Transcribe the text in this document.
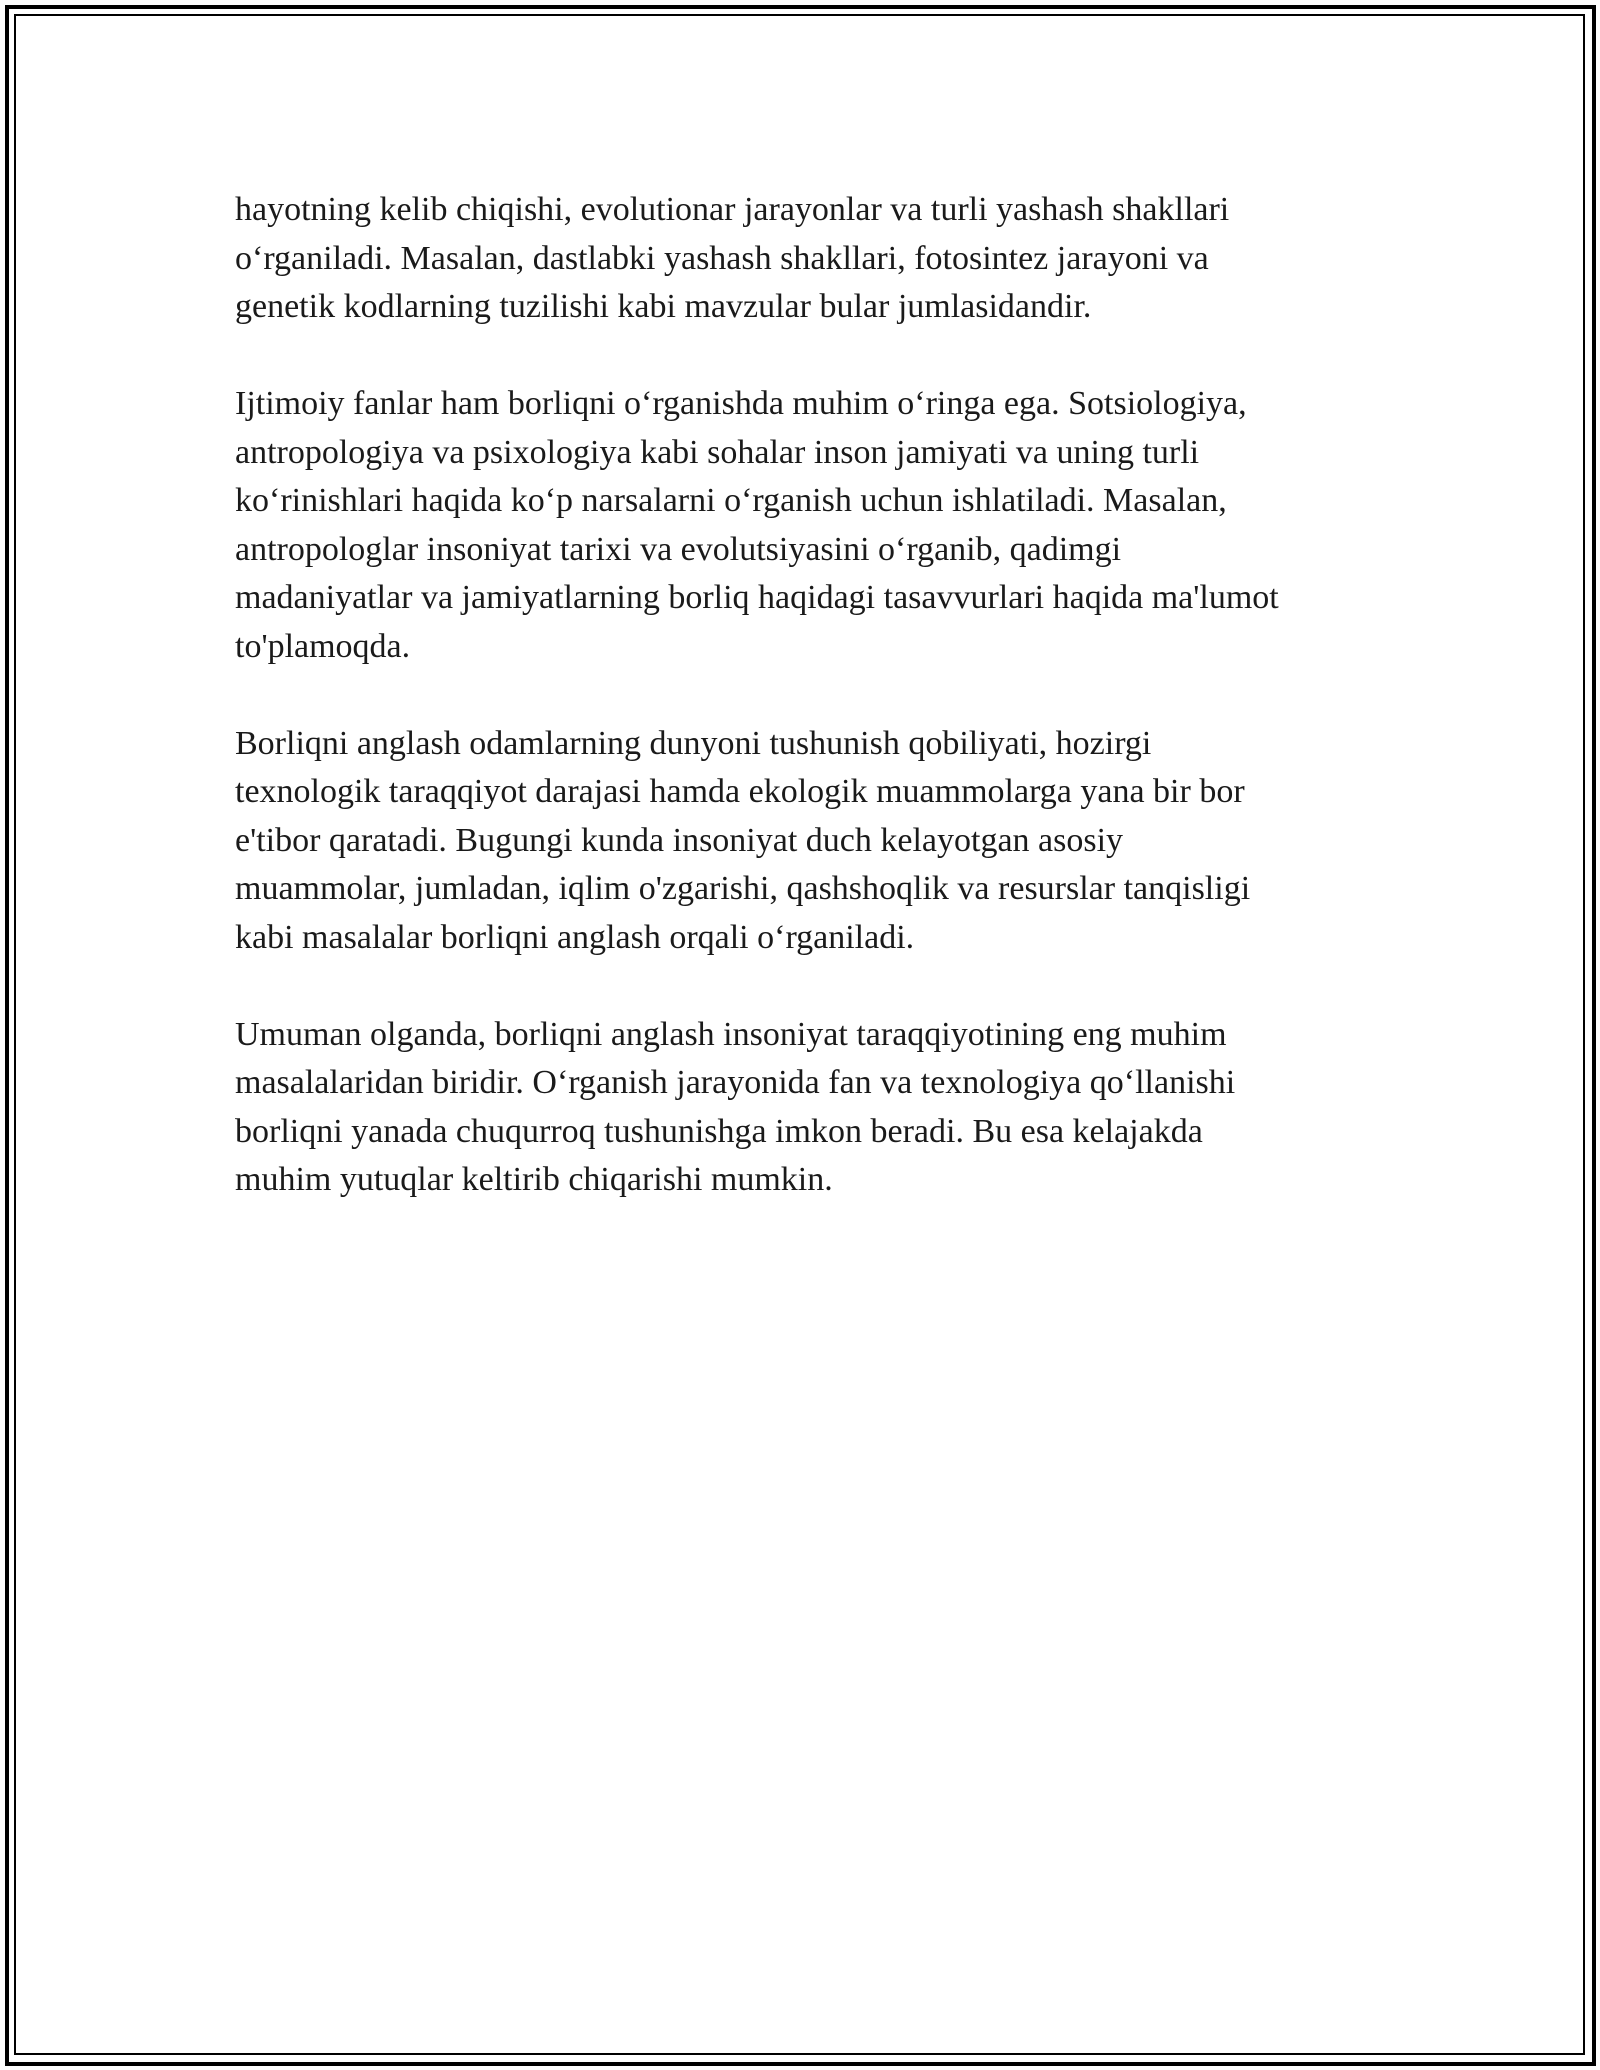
hayotning kelib chiqishi, evolutionar jarayonlar va turli yashash shakllari
o‘rganiladi. Masalan, dastlabki yashash shakllari, fotosintez jarayoni va
genetik kodlarning tuzilishi kabi mavzular bular jumlasidandir.

Ijtimoiy fanlar ham borliqni o‘rganishda muhim o‘ringa ega. Sotsiologiya,
antropologiya va psixologiya kabi sohalar inson jamiyati va uning turli
ko‘rinishlari haqida ko‘p narsalarni o‘rganish uchun ishlatiladi. Masalan,
antropologlar insoniyat tarixi va evolutsiyasini o‘rganib, qadimgi
madaniyatlar va jamiyatlarning borliq haqidagi tasavvurlari haqida ma'lumot
to'plamoqda.

Borliqni anglash odamlarning dunyoni tushunish qobiliyati, hozirgi
texnologik taraqqiyot darajasi hamda ekologik muammolarga yana bir bor
e'tibor qaratadi. Bugungi kunda insoniyat duch kelayotgan asosiy
muammolar, jumladan, iqlim o'zgarishi, qashshoqlik va resurslar tanqisligi
kabi masalalar borliqni anglash orqali o‘rganiladi.

Umuman olganda, borliqni anglash insoniyat taraqqiyotining eng muhim
masalalaridan biridir. O‘rganish jarayonida fan va texnologiya qo‘llanishi
borliqni yanada chuqurroq tushunishga imkon beradi. Bu esa kelajakda
muhim yutuqlar keltirib chiqarishi mumkin.
